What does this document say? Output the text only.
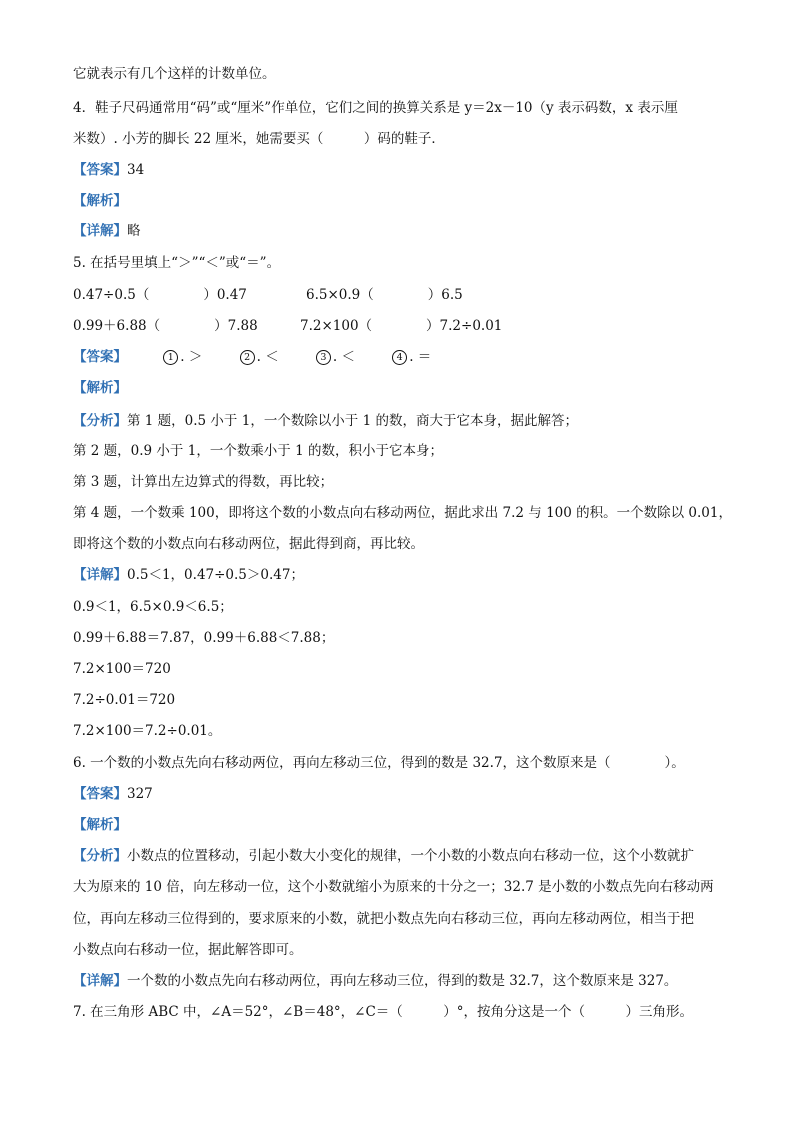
它就表示有几个这样的计数单位。
4．鞋子尺码通常用“码”或“厘米”作单位，它们之间的换算关系是 y＝2x－10（y 表示码数，x 表示厘
米数）. 小芳的脚长 22 厘米，她需要买（　　　）码的鞋子．
【答案】34
【解析】
【详解】略
5. 在括号里填上“＞”“＜”或“＝”。
0.47÷0.5（　　　　）0.47	6.5×0.9（　　　　）6.5
0.99＋6.88（　　　　）7.88	7.2×100（　　　　）7.2÷0.01
【答案】	1 . ＞	2 . ＜	3 . ＜	4 . ＝
【解析】
【分析】第 1 题，0.5 小于 1，一个数除以小于 1 的数，商大于它本身，据此解答；
第 2 题，0.9 小于 1，一个数乘小于 1 的数，积小于它本身；
第 3 题，计算出左边算式的得数，再比较；
第 4 题，一个数乘 100，即将这个数的小数点向右移动两位，据此求出 7.2 与 100 的积。一个数除以 0.01，
即将这个数的小数点向右移动两位，据此得到商，再比较。
【详解】0.5＜1，0.47÷0.5＞0.47；
0.9＜1，6.5×0.9＜6.5；
0.99＋6.88＝7.87，0.99＋6.88＜7.88；
7.2×100＝720
7.2÷0.01＝720
7.2×100＝7.2÷0.01。
6. 一个数的小数点先向右移动两位，再向左移动三位，得到的数是 32.7，这个数原来是（　　　　）。
【答案】327
【解析】
【分析】小数点的位置移动，引起小数大小变化的规律，一个小数的小数点向右移动一位，这个小数就扩
大为原来的 10 倍，向左移动一位，这个小数就缩小为原来的十分之一；32.7 是小数的小数点先向右移动两
位，再向左移动三位得到的，要求原来的小数，就把小数点先向右移动三位，再向左移动两位，相当于把
小数点向右移动一位，据此解答即可。
【详解】一个数的小数点先向右移动两位，再向左移动三位，得到的数是 32.7，这个数原来是 327。
7. 在三角形 ABC 中，∠A＝52°，∠B＝48°，∠C＝（　　　）°，按角分这是一个（　　　）三角形。
